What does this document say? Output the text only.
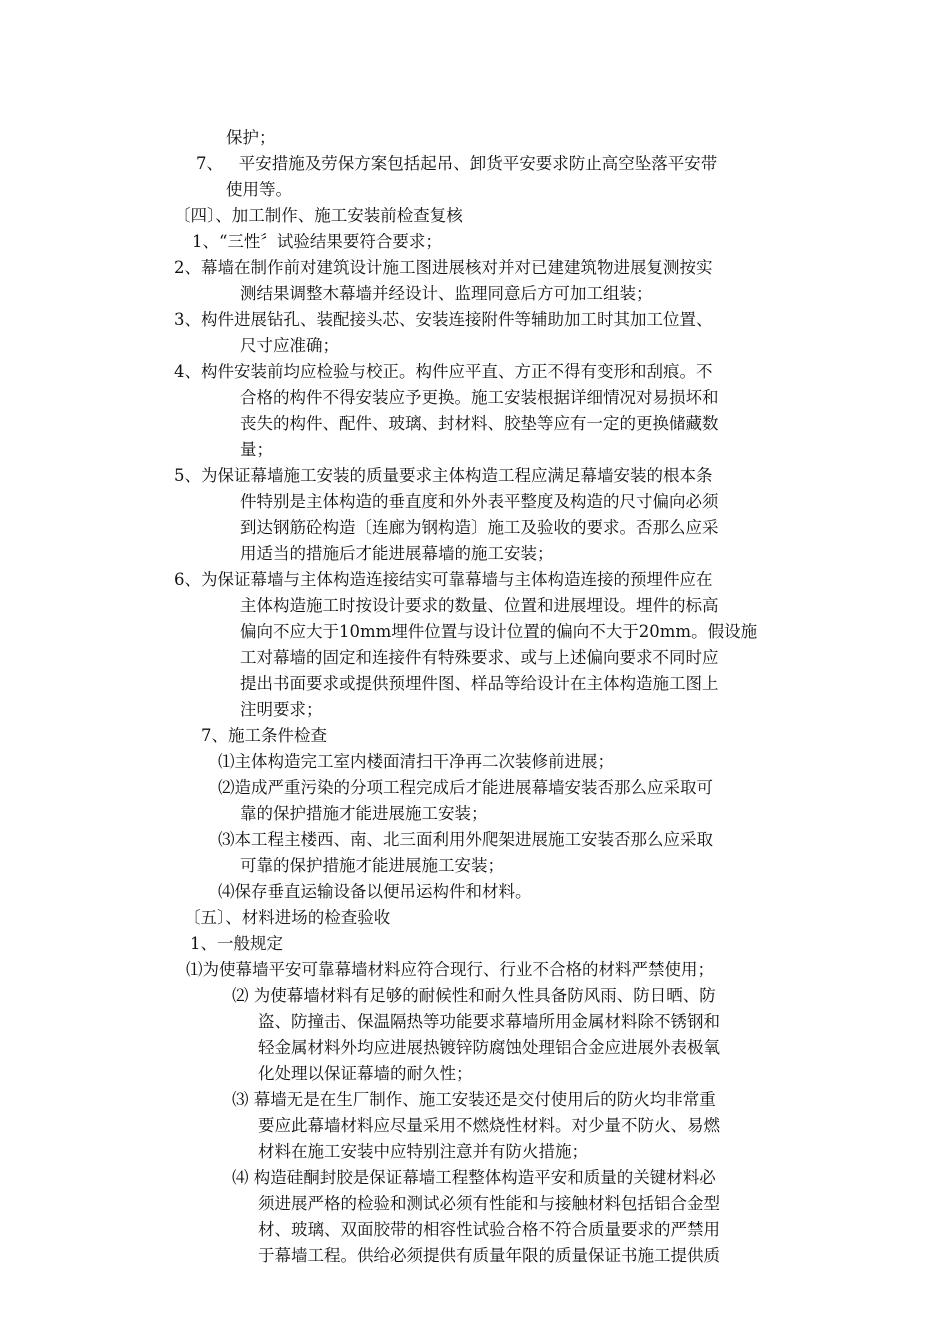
保护；
7、   平安措施及劳保方案包括起吊、卸货平安要求防止高空坠落平安带
使用等。
〔四〕、加工制作、施工安装前检查复核
1、“三性〞试验结果要符合要求；
2、幕墙在制作前对建筑设计施工图进展核对并对已建建筑物进展复测按实
测结果调整木幕墙并经设计、监理同意后方可加工组装；
3、构件进展钻孔、装配接头芯、安装连接附件等辅助加工时其加工位置、
尺寸应准确；
4、构件安装前均应检验与校正。构件应平直、方正不得有变形和刮痕。不
合格的构件不得安装应予更换。施工安装根据详细情况对易损坏和
丧失的构件、配件、玻璃、封材料、胶垫等应有一定的更换储藏数
量；
5、为保证幕墙施工安装的质量要求主体构造工程应满足幕墙安装的根本条
件特别是主体构造的垂直度和外外表平整度及构造的尺寸偏向必须
到达钢筋砼构造〔连廊为钢构造〕施工及验收的要求。否那么应采
用适当的措施后才能进展幕墙的施工安装；
6、为保证幕墙与主体构造连接结实可靠幕墙与主体构造连接的预埋件应在
主体构造施工时按设计要求的数量、位置和进展埋设。埋件的标高
偏向不应大于10mm埋件位置与设计位置的偏向不大于20mm。假设施
工对幕墙的固定和连接件有特殊要求、或与上述偏向要求不同时应
提出书面要求或提供预埋件图、样品等给设计在主体构造施工图上
注明要求；
7、施工条件检查
⑴主体构造完工室内楼面清扫干净再二次装修前进展；
⑵造成严重污染的分项工程完成后才能进展幕墙安装否那么应采取可
靠的保护措施才能进展施工安装；
⑶本工程主楼西、南、北三面利用外爬架进展施工安装否那么应采取
可靠的保护措施才能进展施工安装；
⑷保存垂直运输设备以便吊运构件和材料。
〔五〕、材料进场的检查验收
1、一般规定
⑴为使幕墙平安可靠幕墙材料应符合现行、行业不合格的材料严禁使用；
⑵ 为使幕墙材料有足够的耐候性和耐久性具备防风雨、防日晒、防
盗、防撞击、保温隔热等功能要求幕墙所用金属材料除不锈钢和
轻金属材料外均应进展热镀锌防腐蚀处理铝合金应进展外表极氧
化处理以保证幕墙的耐久性；
⑶ 幕墙无是在生厂制作、施工安装还是交付使用后的防火均非常重
要应此幕墙材料应尽量采用不燃烧性材料。对少量不防火、易燃
材料在施工安装中应特别注意并有防火措施；
⑷ 构造硅酮封胶是保证幕墙工程整体构造平安和质量的关键材料必
须进展严格的检验和测试必须有性能和与接触材料包括铝合金型
材、玻璃、双面胶带的相容性试验合格不符合质量要求的严禁用
于幕墙工程。供给必须提供有质量年限的质量保证书施工提供质
